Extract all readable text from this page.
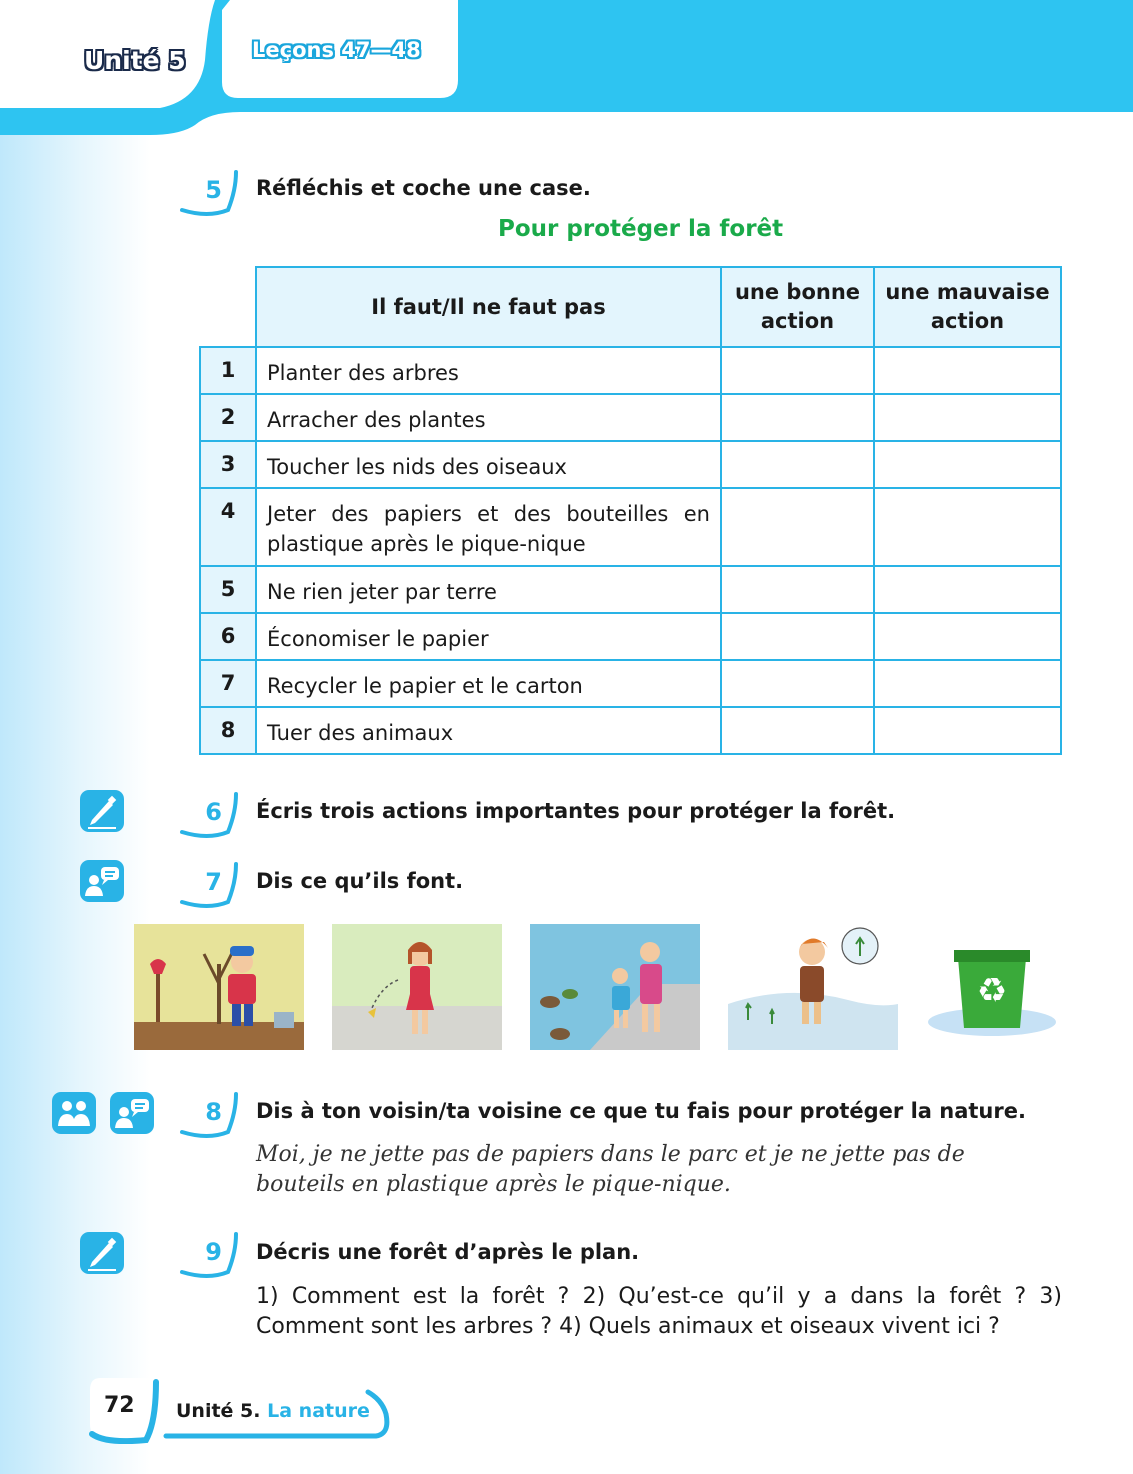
Unité 5	Leçons 47—48
5 Réfléchis et coche une case.
Pour protéger la forêt
	Il faut/Il ne faut pas	une bonne action	une mauvaise action
1	Planter des arbres		
2	Arracher des plantes		
3	Toucher les nids des oiseaux		
4	Jeter des papiers et des bouteilles en plastique après le pique-nique		
5	Ne rien jeter par terre		
6	Économiser le papier		
7	Recycler le papier et le carton		
8	Tuer des animaux		
6 Écris trois actions importantes pour protéger la forêt.
7 Dis ce qu’ils font.
♻
8 Dis à ton voisin/ta voisine ce que tu fais pour protéger la nature.
Moi, je ne jette pas de papiers dans le parc et je ne jette pas de bouteils en plastique après le pique-nique.
9 Décris une forêt d’après le plan.
1) Comment est la forêt ? 2) Qu’est-ce qu’il y a dans la forêt ? 3) Comment sont les arbres ? 4) Quels animaux et oiseaux vivent ici ?
72 Unité 5. La nature
